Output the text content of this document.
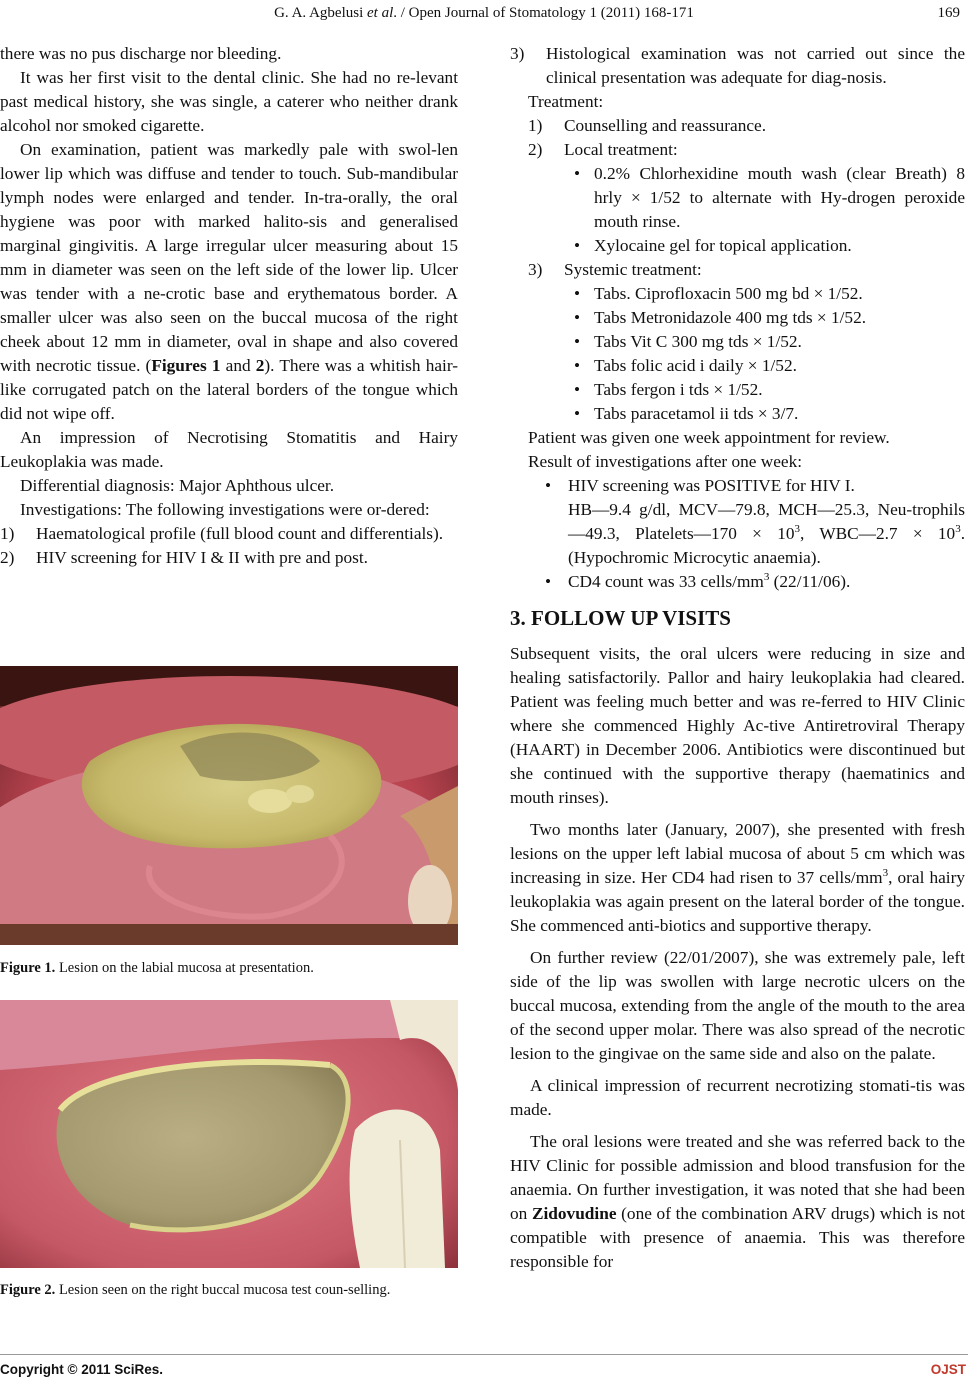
G. A. Agbelusi et al. / Open Journal of Stomatology 1 (2011) 168-171	169

there was no pus discharge nor bleeding.

It was her first visit to the dental clinic. She had no re-levant past medical history, she was single, a caterer who neither drank alcohol nor smoked cigarette.

On examination, patient was markedly pale with swol-len lower lip which was diffuse and tender to touch. Sub-mandibular lymph nodes were enlarged and tender. In-tra-orally, the oral hygiene was poor with marked halito-sis and generalised marginal gingivitis. A large irregular ulcer measuring about 15 mm in diameter was seen on the left side of the lower lip. Ulcer was tender with a ne-crotic base and erythematous border. A smaller ulcer was also seen on the buccal mucosa of the right cheek about 12 mm in diameter, oval in shape and also covered with necrotic tissue. (Figures 1 and 2). There was a whitish hair-like corrugated patch on the lateral borders of the tongue which did not wipe off.

An impression of Necrotising Stomatitis and Hairy Leukoplakia was made.

Differential diagnosis: Major Aphthous ulcer.

Investigations: The following investigations were or-dered:

1)	Haematological profile (full blood count and differentials).
2)	HIV screening for HIV I & II with pre and post.
Figure 1. Lesion on the labial mucosa at presentation.
Figure 2. Lesion seen on the right buccal mucosa test coun-selling.
3)	Histological examination was not carried out since the clinical presentation was adequate for diag-nosis.

Treatment:

1)	Counselling and reassurance.
2)	Local treatment:
• 0.2% Chlorhexidine mouth wash (clear Breath) 8 hrly × 1/52 to alternate with Hy-drogen peroxide mouth rinse.
• Xylocaine gel for topical application.
3)	Systemic treatment:
• Tabs. Ciprofloxacin 500 mg bd × 1/52.
• Tabs Metronidazole 400 mg tds × 1/52.
• Tabs Vit C 300 mg tds × 1/52.
• Tabs folic acid i daily × 1/52.
• Tabs fergon i tds × 1/52.
• Tabs paracetamol ii tds × 3/7.

Patient was given one week appointment for review.

Result of investigations after one week:

• HIV screening was POSITIVE for HIV I.

HB—9.4 g/dl, MCV—79.8, MCH—25.3, Neu-trophils—49.3, Platelets—170 × $10^3$, WBC—2.7 × $10^3$. (Hypochromic Microcytic anaemia).

• CD4 count was 33 cells/$mm^3$ (22/11/06).
3. FOLLOW UP VISITS

Subsequent visits, the oral ulcers were reducing in size and healing satisfactorily. Pallor and hairy leukoplakia had cleared. Patient was feeling much better and was re-ferred to HIV Clinic where she commenced Highly Ac-tive Antiretroviral Therapy (HAART) in December 2006. Antibiotics were discontinued but she continued with the supportive therapy (haematinics and mouth rinses).

Two months later (January, 2007), she presented with fresh lesions on the upper left labial mucosa of about 5 cm which was increasing in size. Her CD4 had risen to 37 cells/$mm^3$, oral hairy leukoplakia was again present on the lateral border of the tongue. She commenced anti-biotics and supportive therapy.

On further review (22/01/2007), she was extremely pale, left side of the lip was swollen with large necrotic ulcers on the buccal mucosa, extending from the angle of the mouth to the area of the second upper molar. There was also spread of the necrotic lesion to the gingivae on the same side and also on the palate.

A clinical impression of recurrent necrotizing stomati-tis was made.

The oral lesions were treated and she was referred back to the HIV Clinic for possible admission and blood transfusion for the anaemia. On further investigation, it was noted that she had been on Zidovudine (one of the combination ARV drugs) which is not compatible with presence of anaemia. This was therefore responsible for

Copyright © 2011 SciRes.	OJST
